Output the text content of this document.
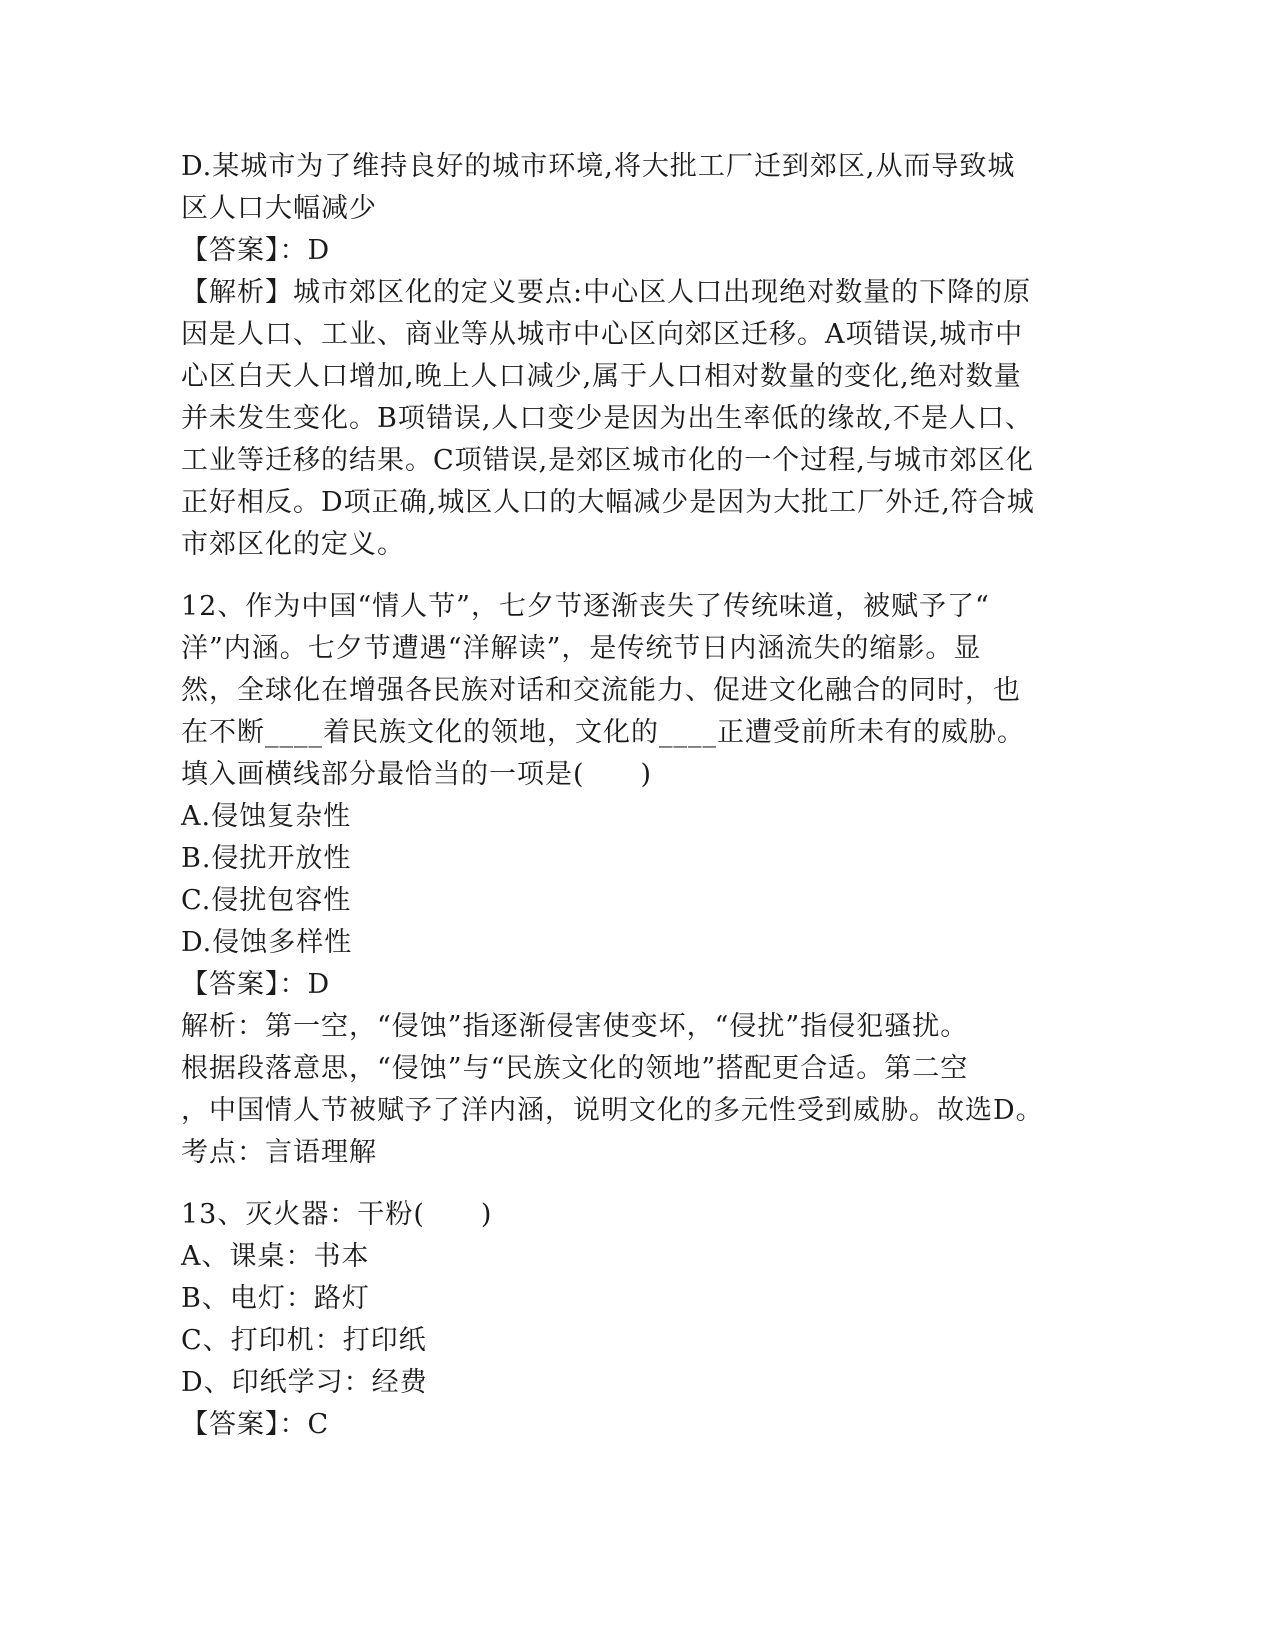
D.某城市为了维持良好的城市环境,将大批工厂迁到郊区,从而导致城
区人口大幅减少
【答案】：D
【解析】城市郊区化的定义要点:中心区人口出现绝对数量的下降的原
因是人口、工业、商业等从城市中心区向郊区迁移。A项错误,城市中
心区白天人口增加,晚上人口减少,属于人口相对数量的变化,绝对数量
并未发生变化。B项错误,人口变少是因为出生率低的缘故,不是人口、
工业等迁移的结果。C项错误,是郊区城市化的一个过程,与城市郊区化
正好相反。D项正确,城区人口的大幅减少是因为大批工厂外迁,符合城
市郊区化的定义。
12、作为中国“情人节”，七夕节逐渐丧失了传统味道，被赋予了“
洋”内涵。七夕节遭遇“洋解读”，是传统节日内涵流失的缩影。显
然，全球化在增强各民族对话和交流能力、促进文化融合的同时，也
在不断____着民族文化的领地，文化的____正遭受前所未有的威胁。
填入画横线部分最恰当的一项是(　　)
A.侵蚀复杂性
B.侵扰开放性
C.侵扰包容性
D.侵蚀多样性
【答案】：D
解析：第一空，“侵蚀”指逐渐侵害使变坏，“侵扰”指侵犯骚扰。
根据段落意思，“侵蚀”与“民族文化的领地”搭配更合适。第二空
，中国情人节被赋予了洋内涵，说明文化的多元性受到威胁。故选D。
考点：言语理解
13、灭火器：干粉(　　)
A、课桌：书本
B、电灯：路灯
C、打印机：打印纸
D、印纸学习：经费
【答案】：C
